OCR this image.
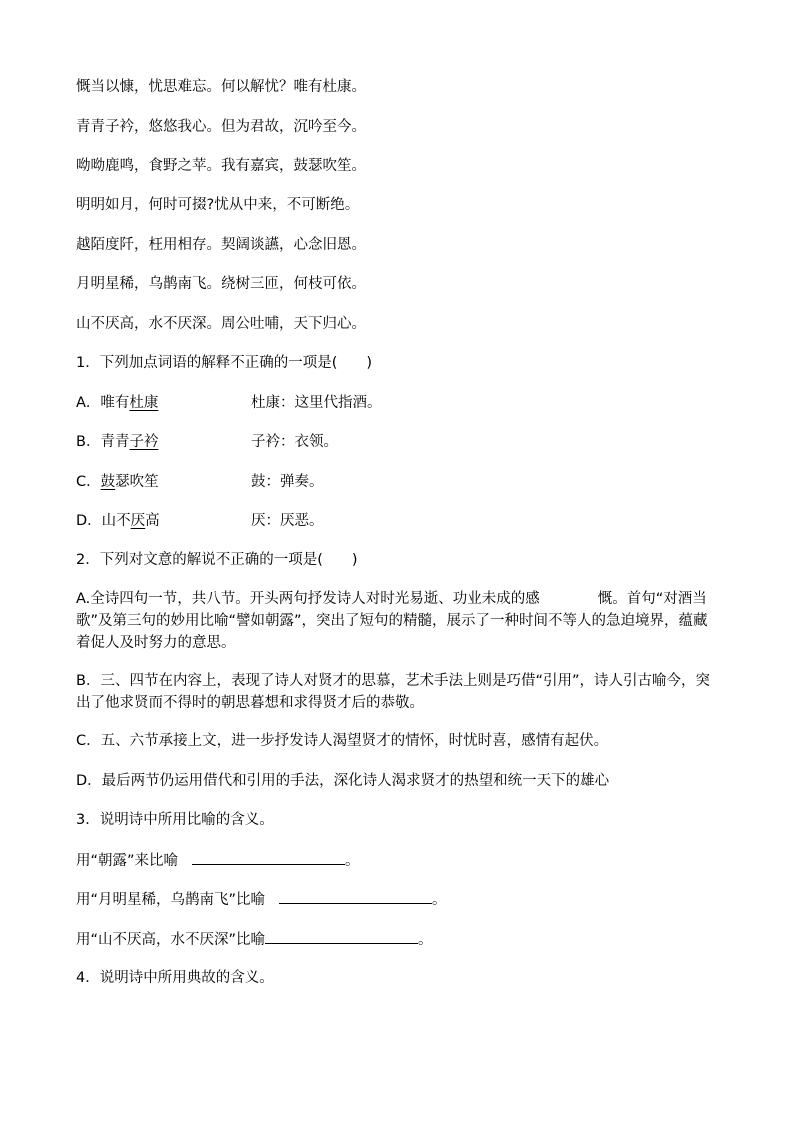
慨当以慷，忧思难忘。何以解忧？唯有杜康。
青青子衿，悠悠我心。但为君故，沉吟至今。
呦呦鹿鸣，食野之苹。我有嘉宾，鼓瑟吹笙。
明明如月，何时可掇?忧从中来，不可断绝。
越陌度阡，枉用相存。契阔谈讌，心念旧恩。
月明星稀，乌鹊南飞。绕树三匝，何枝可依。
山不厌高，水不厌深。周公吐哺，天下归心。
1．下列加点词语的解释不正确的一项是(　　)
A．唯有杜康	杜康：这里代指酒。
B．青青子衿	子衿：衣领。
C．鼓瑟吹笙	鼓：弹奏。
D．山不厌高	厌：厌恶。
2．下列对文意的解说不正确的一项是(　　)
A.全诗四句一节，共八节。开头两句抒发诗人对时光易逝、功业未成的感　　　　慨。首句“对酒当歌”及第三句的妙用比喻“譬如朝露”，突出了短句的精髓，展示了一种时间不等人的急迫境界，蕴藏着促人及时努力的意思。
B．三、四节在内容上，表现了诗人对贤才的思慕，艺术手法上则是巧借“引用”，诗人引古喻今，突出了他求贤而不得时的朝思暮想和求得贤才后的恭敬。
C．五、六节承接上文，进一步抒发诗人渴望贤才的情怀，时忧时喜，感情有起伏。
D．最后两节仍运用借代和引用的手法，深化诗人渴求贤才的热望和统一天下的雄心
3．说明诗中所用比喻的含义。
用“朝露”来比喻	。
用“月明星稀，乌鹊南飞”比喻	。
用“山不厌高，水不厌深”比喻	。
4．说明诗中所用典故的含义。
